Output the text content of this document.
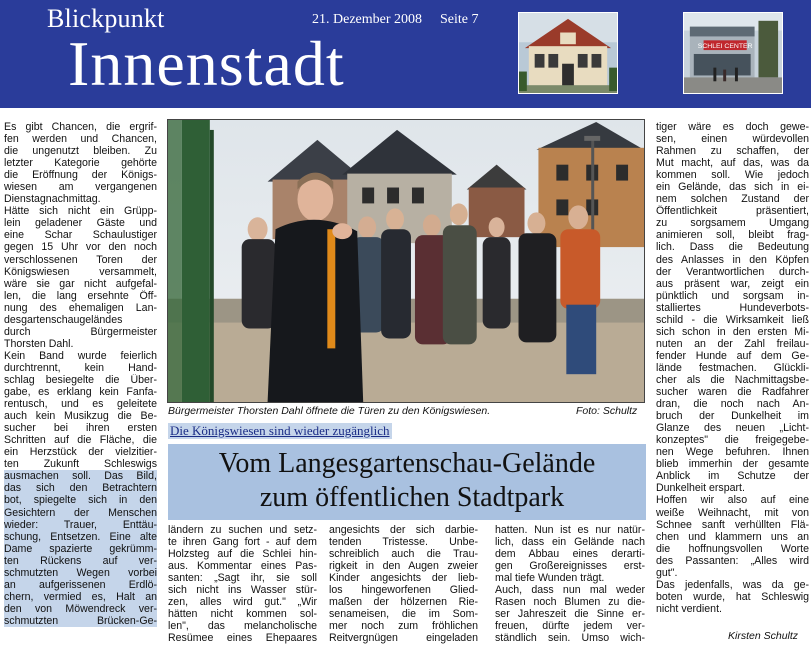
Blickpunkt
Innenstadt
21. Dezember 2008 Seite 7
SCHLEI CENTER
Es gibt Chancen, die ergrif-
fen werden und Chancen,
die ungenutzt bleiben. Zu
letzter Kategorie gehörte
die Eröffnung der Königs-
wiesen am vergangenen
Dienstagnachmittag.
Hätte sich nicht ein Grüpp-
lein geladener Gäste und
eine Schar Schaulustiger
gegen 15 Uhr vor den noch
verschlossenen Toren der
Königswiesen versammelt,
wäre sie gar nicht aufgefal-
len, die lang ersehnte Öff-
nung des ehemaligen Lan-
desgartenschaugeländes
durch Bürgermeister
Thorsten Dahl.
Kein Band wurde feierlich
durchtrennt, kein Hand-
schlag besiegelte die Über-
gabe, es erklang kein Fanfa-
rentusch, und es geleitete
auch kein Musikzug die Be-
sucher bei ihren ersten
Schritten auf die Fläche, die
ein Herzstück der vielzitier-
ten Zukunft Schleswigs
ausmachen soll. Das Bild,
das sich den Betrachtern
bot, spiegelte sich in den
Gesichtern der Menschen
wieder: Trauer, Enttäu-
schung, Entsetzen. Eine alte
Dame spazierte gekrümm-
ten Rückens auf ver-
schmutzten Wegen vorbei
an aufgerissenen Erdlö-
chern, vermied es, Halt an
den von Möwendreck ver-
schmutzten Brücken-Ge-
Bürgermeister Thorsten Dahl öffnete die Türen zu den Königswiesen.	Foto: Schultz
Die Königswiesen sind wieder zugänglich
Vom Langesgartenschau-Gelände
zum öffentlichen Stadtpark
ländern zu suchen und setz-
te ihren Gang fort - auf dem
Holzsteg auf die Schlei hin-
aus. Kommentar eines Pas-
santen: „Sagt ihr, sie soll
sich nicht ins Wasser stür-
zen, alles wird gut." „Wir
hätten nicht kommen sol-
len", das melancholische
Resümee eines Ehepaares
angesichts der sich darbie-
tenden Tristesse. Unbe-
schreiblich auch die Trau-
rigkeit in den Augen zweier
Kinder angesichts der lieb-
los hingeworfenen Glied-
maßen der hölzernen Rie-
senameisen, die im Som-
mer noch zum fröhlichen
Reitvergnügen eingeladen
hatten. Nun ist es nur natür-
lich, dass ein Gelände nach
dem Abbau eines derarti-
gen Großereignisses erst-
mal tiefe Wunden trägt.
Auch, dass nun mal weder
Rasen noch Blumen zu die-
ser Jahreszeit die Sinne er-
freuen, dürfte jedem ver-
ständlich sein. Umso wich-
tiger wäre es doch gewe-
sen, einen würdevollen
Rahmen zu schaffen, der
Mut macht, auf das, was da
kommen soll. Wie jedoch
ein Gelände, das sich in ei-
nem solchen Zustand der
Öffentlichkeit präsentiert,
zu sorgsamem Umgang
animieren soll, bleibt frag-
lich. Dass die Bedeutung
des Anlasses in den Köpfen
der Verantwortlichen durch-
aus präsent war, zeigt ein
pünktlich und sorgsam in-
stalliertes Hundeverbots-
schild - die Wirksamkeit ließ
sich schon in den ersten Mi-
nuten an der Zahl freilau-
fender Hunde auf dem Ge-
lände festmachen. Glückli-
cher als die Nachmittagsbe-
sucher waren die Radfahrer
dran, die noch nach An-
bruch der Dunkelheit im
Glanze des neuen „Licht-
konzeptes" die freigegebe-
nen Wege befuhren. Ihnen
blieb immerhin der gesamte
Anblick im Schutze der
Dunkelheit erspart.
Hoffen wir also auf eine
weiße Weihnacht, mit von
Schnee sanft verhüllten Flä-
chen und klammern uns an
die hoffnungsvollen Worte
des Passanten: „Alles wird
gut".
Das jedenfalls, was da ge-
boten wurde, hat Schleswig
nicht verdient.
Kirsten Schultz
